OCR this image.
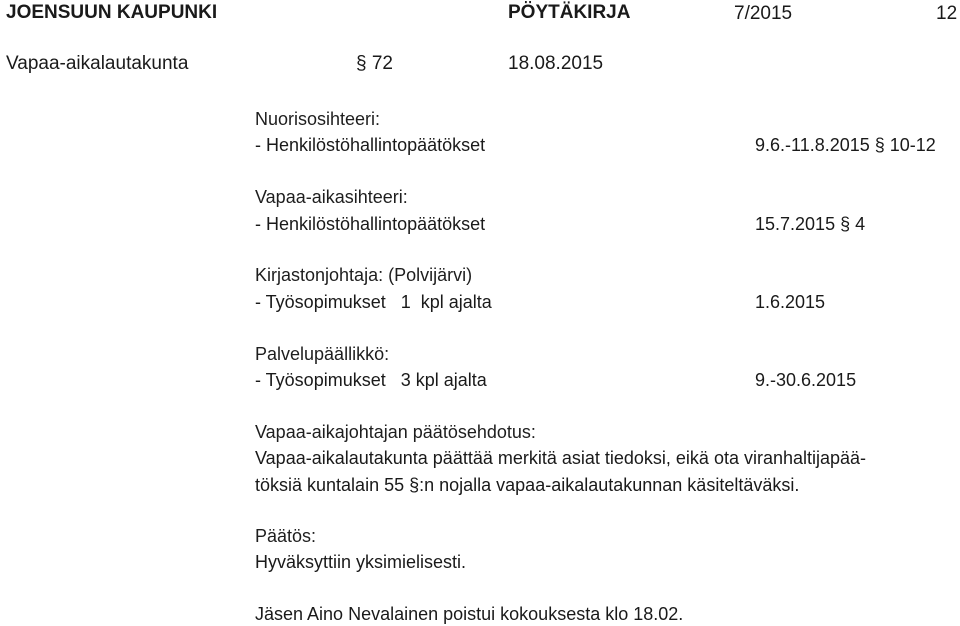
JOENSUUN KAUPUNKI	PÖYTÄKIRJA	7/2015	12
Vapaa-aikalautakunta	§ 72	18.08.2015
Nuorisosihteeri:
- Henkilöstöhallintopäätökset	9.6.-11.8.2015 § 10-12
Vapaa-aikasihteeri:
- Henkilöstöhallintopäätökset	15.7.2015 § 4
Kirjastonjohtaja: (Polvijärvi)
- Työsopimukset   1  kpl ajalta	1.6.2015
Palvelupäällikkö:
- Työsopimukset   3 kpl ajalta	9.-30.6.2015
Vapaa-aikajohtajan päätösehdotus:
Vapaa-aikalautakunta päättää merkitä asiat tiedoksi, eikä ota viranhaltijapää-
töksiä kuntalain 55 §:n nojalla vapaa-aikalautakunnan käsiteltäväksi.
Päätös:
Hyväksyttiin yksimielisesti.
Jäsen Aino Nevalainen poistui kokouksesta klo 18.02.
